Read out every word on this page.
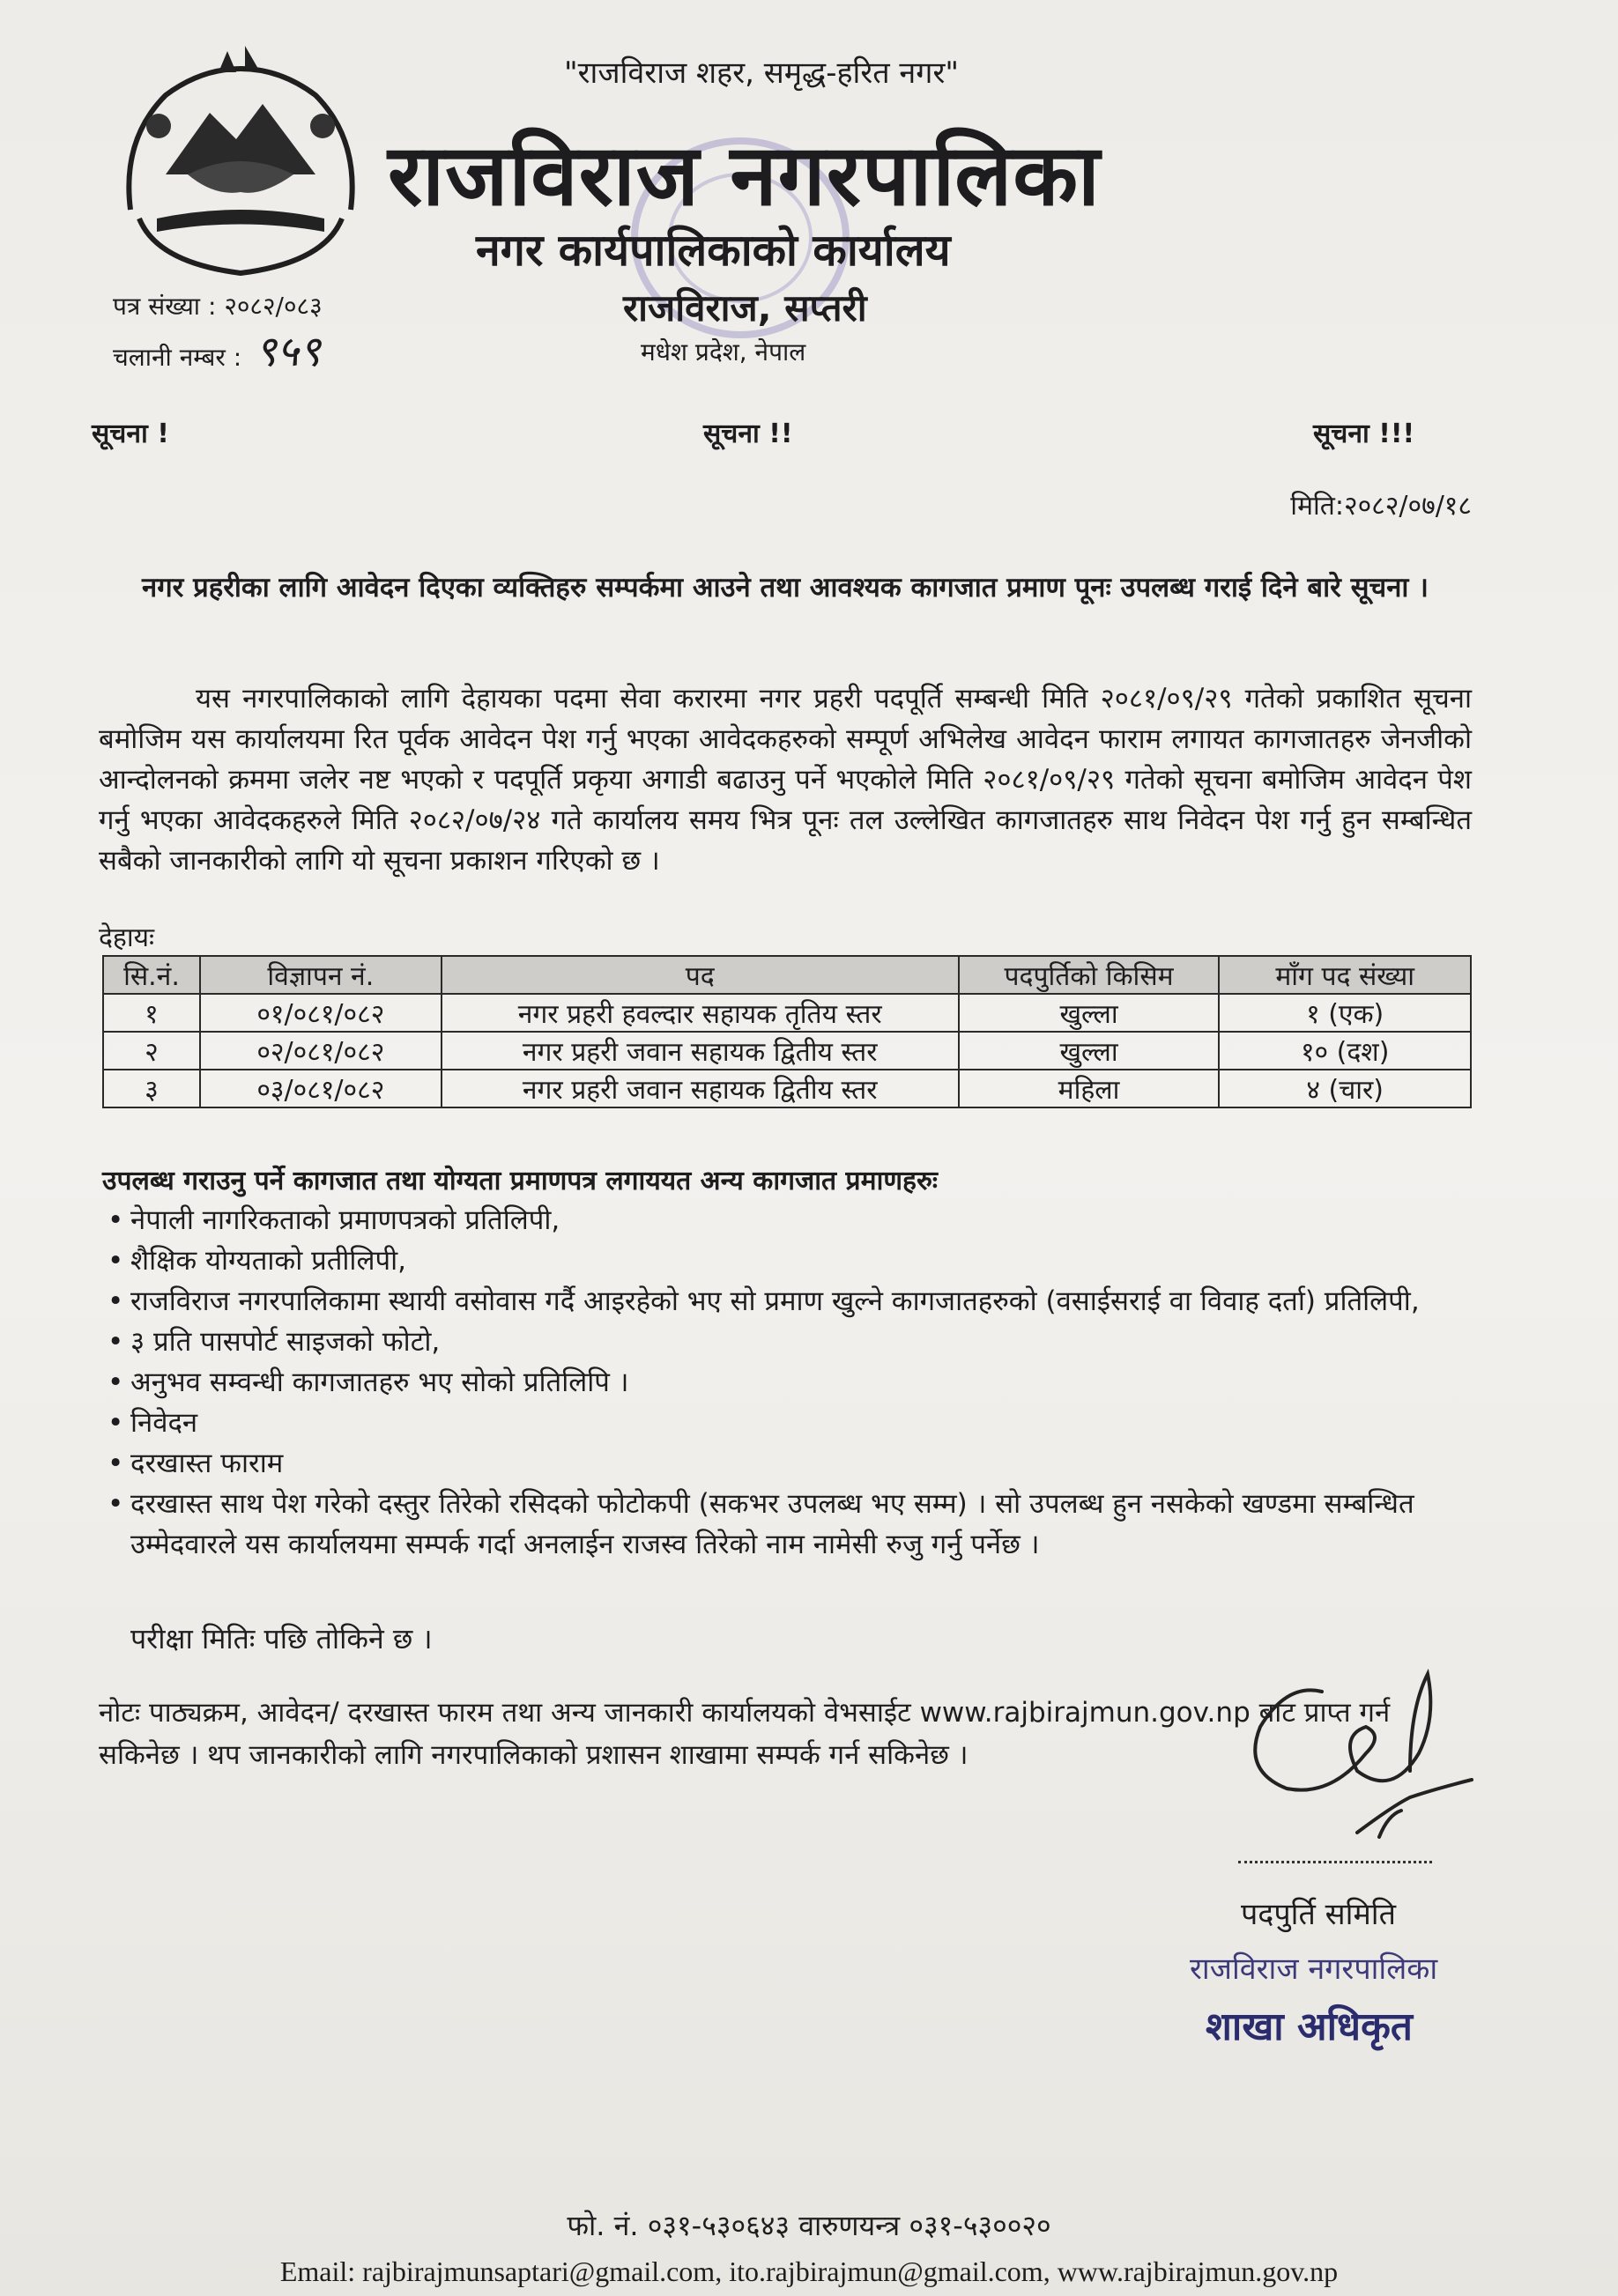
"राजविराज शहर, समृद्ध-हरित नगर"
राजविराज नगरपालिका
नगर कार्यपालिकाको कार्यालय
राजविराज, सप्तरी
मधेश प्रदेश, नेपाल
पत्र संख्या : २०८२/०८३
चलानी नम्बर : ९५९
सूचना !	सूचना !!	सूचना !!!
मिति:२०८२/०७/१८
नगर प्रहरीका लागि आवेदन दिएका व्यक्तिहरु सम्पर्कमा आउने तथा आवश्यक कागजात प्रमाण पूनः उपलब्ध गराई दिने बारे सूचना ।

यस नगरपालिकाको लागि देहायका पदमा सेवा करारमा नगर प्रहरी पदपूर्ति सम्बन्धी मिति २०८१/०९/२९ गतेको प्रकाशित सूचना बमोजिम यस कार्यालयमा रित पूर्वक आवेदन पेश गर्नु भएका आवेदकहरुको सम्पूर्ण अभिलेख आवेदन फाराम लगायत कागजातहरु जेनजीको आन्दोलनको क्रममा जलेर नष्ट भएको र पदपूर्ति प्रकृया अगाडी बढाउनु पर्ने भएकोले मिति २०८१/०९/२९ गतेको सूचना बमोजिम आवेदन पेश गर्नु भएका आवेदकहरुले मिति २०८२/०७/२४ गते कार्यालय समय भित्र पूनः तल उल्लेखित कागजातहरु साथ निवेदन पेश गर्नु हुन सम्बन्धित सबैको जानकारीको लागि यो सूचना प्रकाशन गरिएको छ ।

देहायः
सि.नं.	विज्ञापन नं.	पद	पदपुर्तिको किसिम	माँग पद संख्या
१	०१/०८१/०८२	नगर प्रहरी हवल्दार सहायक तृतिय स्तर	खुल्ला	१ (एक)
२	०२/०८१/०८२	नगर प्रहरी जवान सहायक द्वितीय स्तर	खुल्ला	१० (दश)
३	०३/०८१/०८२	नगर प्रहरी जवान सहायक द्वितीय स्तर	महिला	४ (चार)
उपलब्ध गराउनु पर्ने कागजात तथा योग्यता प्रमाणपत्र लगाययत अन्य कागजात प्रमाणहरुः
• नेपाली नागरिकताको प्रमाणपत्रको प्रतिलिपी,
• शैक्षिक योग्यताको प्रतीलिपी,
• राजविराज नगरपालिकामा स्थायी वसोवास गर्दै आइरहेको भए सो प्रमाण खुल्ने कागजातहरुको (वसाईसराई वा विवाह दर्ता) प्रतिलिपी,
• ३ प्रति पासपोर्ट साइजको फोटो,
• अनुभव सम्वन्धी कागजातहरु भए सोको प्रतिलिपि ।
• निवेदन
• दरखास्त फाराम
• दरखास्त साथ पेश गरेको दस्तुर तिरेको रसिदको फोटोकपी (सकभर उपलब्ध भए सम्म) । सो उपलब्ध हुन नसकेको खण्डमा सम्बन्धित उम्मेदवारले यस कार्यालयमा सम्पर्क गर्दा अनलाईन राजस्व तिरेको नाम नामेसी रुजु गर्नु पर्नेछ ।
परीक्षा मितिः पछि तोकिने छ ।
नोटः पाठ्यक्रम, आवेदन/ दरखास्त फारम तथा अन्य जानकारी कार्यालयको वेभसाईट www.rajbirajmun.gov.np बाट प्राप्त गर्न सकिनेछ । थप जानकारीको लागि नगरपालिकाको प्रशासन शाखामा सम्पर्क गर्न सकिनेछ ।
पदपुर्ति समिति
राजविराज नगरपालिका
शाखा अधिकृत
फो. नं. ०३१-५३०६४३ वारुणयन्त्र ०३१-५३००२०
Email: rajbirajmunsaptari@gmail.com, ito.rajbirajmun@gmail.com, www.rajbirajmun.gov.np
